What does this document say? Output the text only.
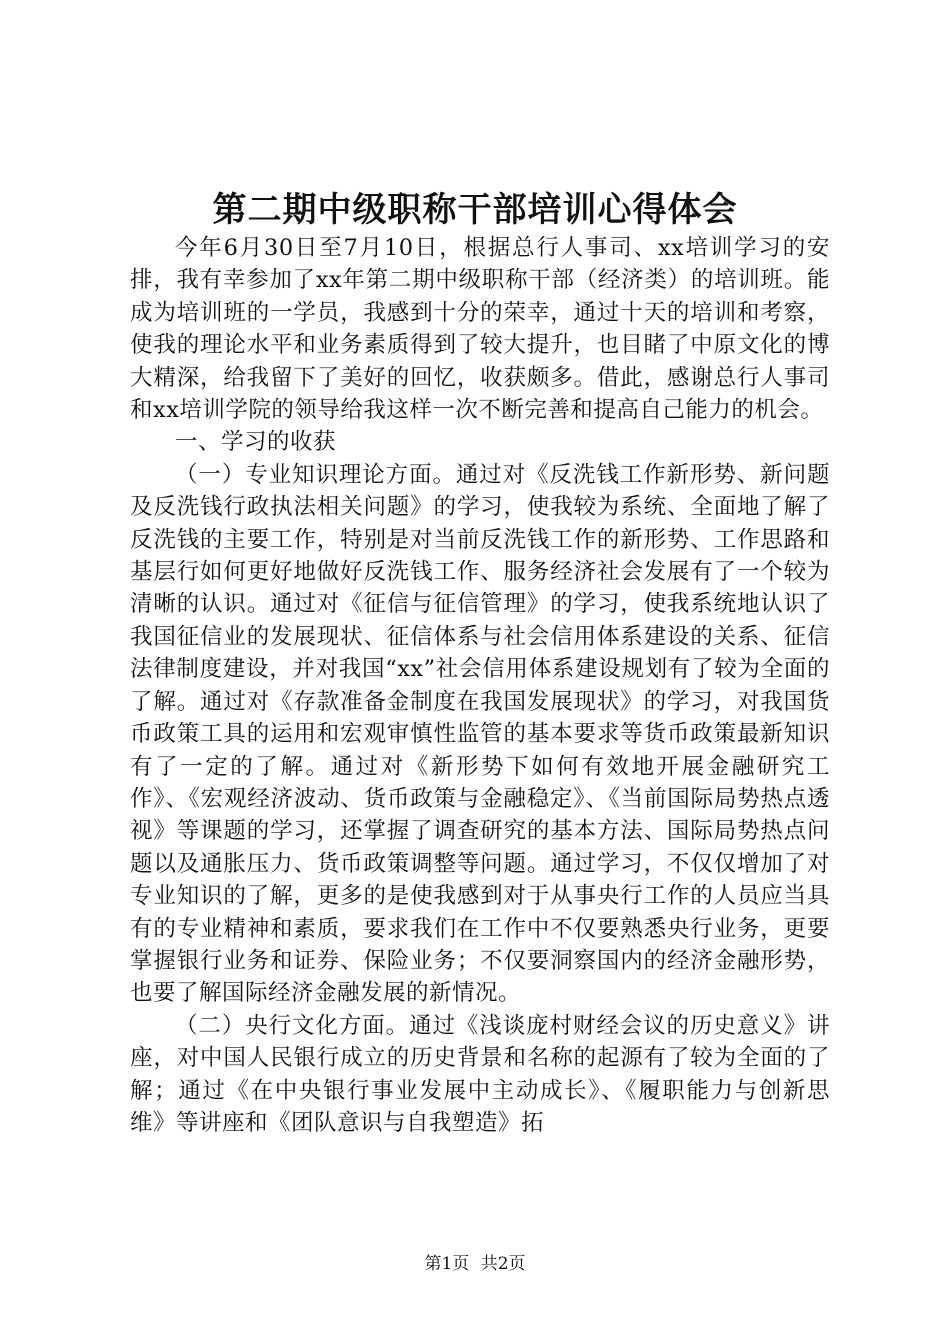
第二期中级职称干部培训心得体会

今年6月30日至7月10日，根据总行人事司、xx培训学习的安排，我有幸参加了xx年第二期中级职称干部（经济类）的培训班。能成为培训班的一学员，我感到十分的荣幸，通过十天的培训和考察，使我的理论水平和业务素质得到了较大提升，也目睹了中原文化的博大精深，给我留下了美好的回忆，收获颇多。借此，感谢总行人事司和xx培训学院的领导给我这样一次不断完善和提高自己能力的机会。

一、学习的收获

（一）专业知识理论方面。通过对《反洗钱工作新形势、新问题及反洗钱行政执法相关问题》的学习，使我较为系统、全面地了解了反洗钱的主要工作，特别是对当前反洗钱工作的新形势、工作思路和基层行如何更好地做好反洗钱工作、服务经济社会发展有了一个较为清晰的认识。通过对《征信与征信管理》的学习，使我系统地认识了我国征信业的发展现状、征信体系与社会信用体系建设的关系、征信法律制度建设，并对我国“xx”社会信用体系建设规划有了较为全面的了解。通过对《存款准备金制度在我国发展现状》的学习，对我国货币政策工具的运用和宏观审慎性监管的基本要求等货币政策最新知识有了一定的了解。通过对《新形势下如何有效地开展金融研究工作》、《宏观经济波动、货币政策与金融稳定》、《当前国际局势热点透视》等课题的学习，还掌握了调查研究的基本方法、国际局势热点问题以及通胀压力、货币政策调整等问题。通过学习，不仅仅增加了对专业知识的了解，更多的是使我感到对于从事央行工作的人员应当具有的专业精神和素质，要求我们在工作中不仅要熟悉央行业务，更要掌握银行业务和证券、保险业务；不仅要洞察国内的经济金融形势，也要了解国际经济金融发展的新情况。

（二）央行文化方面。通过《浅谈庞村财经会议的历史意义》讲座，对中国人民银行成立的历史背景和名称的起源有了较为全面的了解；通过《在中央银行事业发展中主动成长》、《履职能力与创新思维》等讲座和《团队意识与自我塑造》拓

第1页 共2页
